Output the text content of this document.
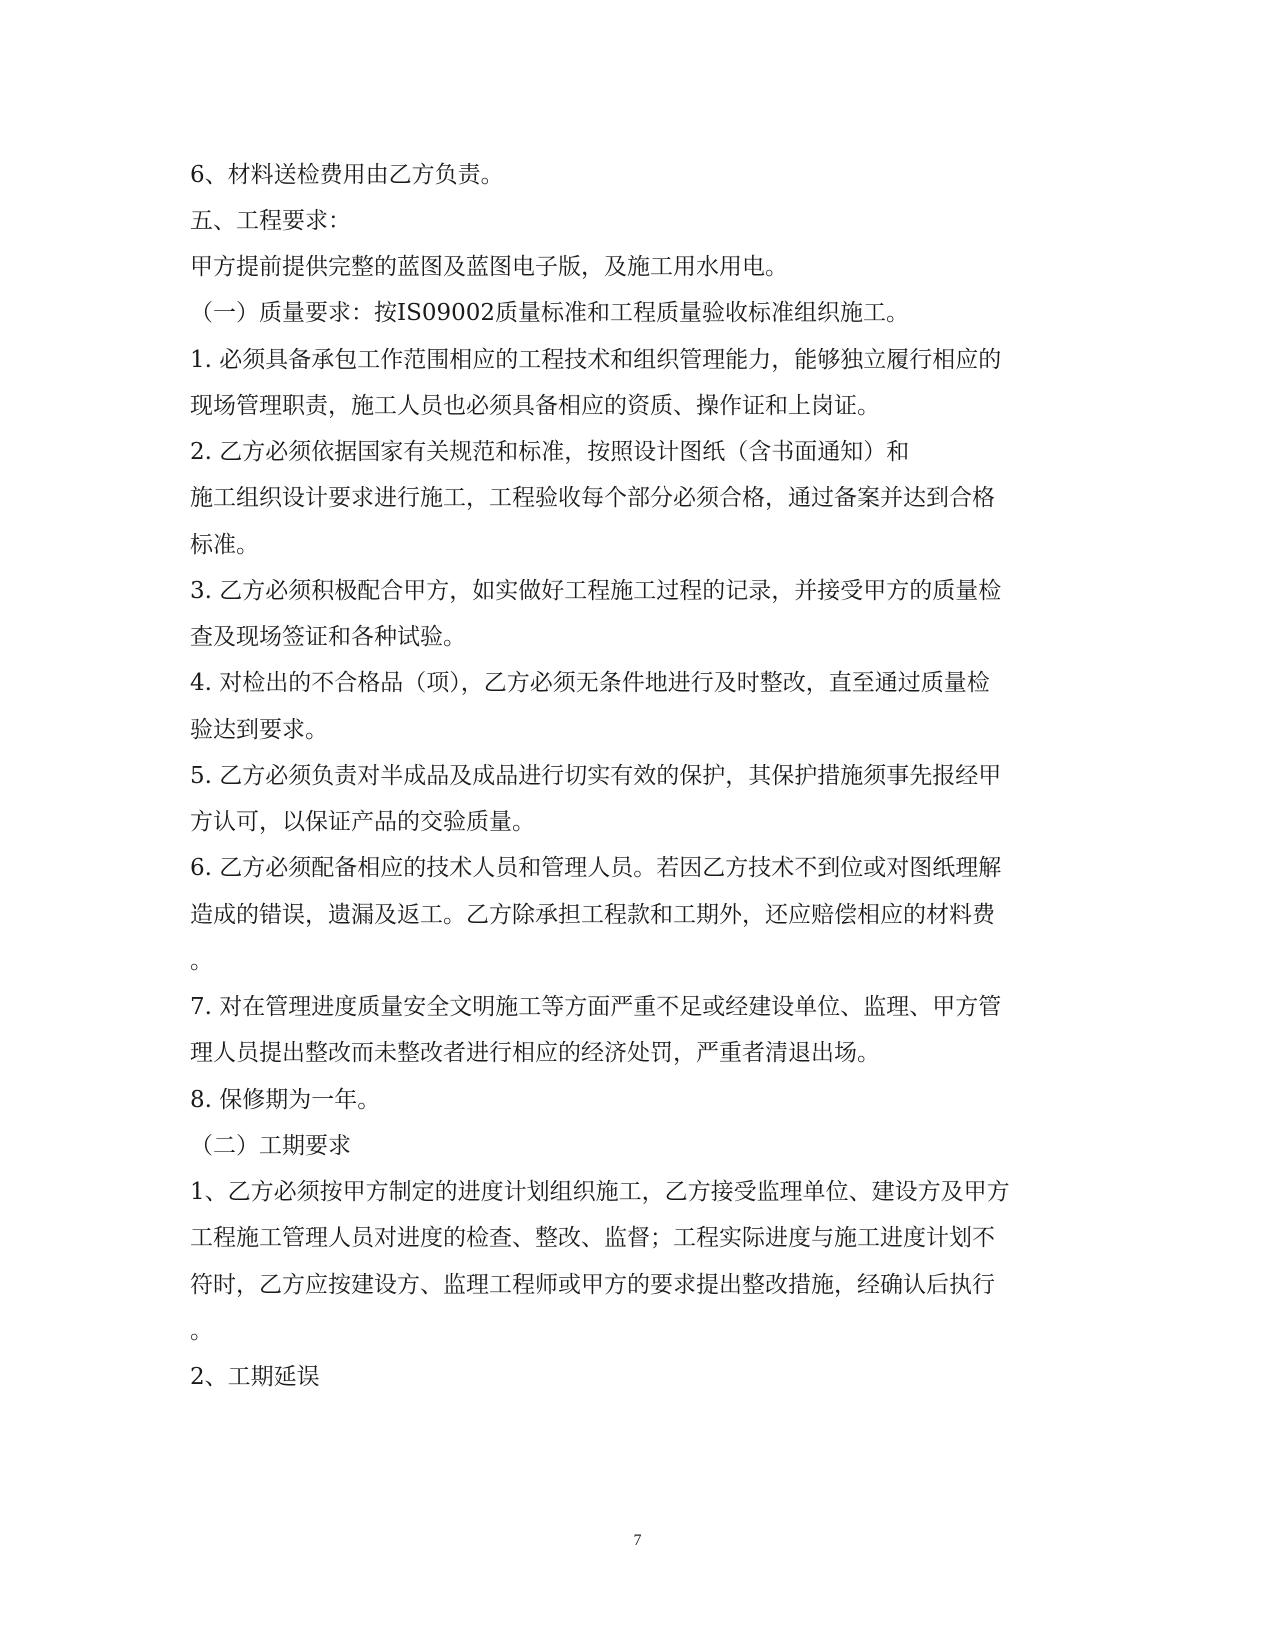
6、材料送检费用由乙方负责。
五、工程要求：
甲方提前提供完整的蓝图及蓝图电子版，及施工用水用电。
（一）质量要求：按IS09002质量标准和工程质量验收标准组织施工。
1. 必须具备承包工作范围相应的工程技术和组织管理能力，能够独立履行相应的
现场管理职责，施工人员也必须具备相应的资质、操作证和上岗证。
2. 乙方必须依据国家有关规范和标准，按照设计图纸（含书面通知）和
施工组织设计要求进行施工，工程验收每个部分必须合格，通过备案并达到合格
标准。
3. 乙方必须积极配合甲方，如实做好工程施工过程的记录，并接受甲方的质量检
查及现场签证和各种试验。
4. 对检出的不合格品（项），乙方必须无条件地进行及时整改，直至通过质量检
验达到要求。
5. 乙方必须负责对半成品及成品进行切实有效的保护，其保护措施须事先报经甲
方认可，以保证产品的交验质量。
6. 乙方必须配备相应的技术人员和管理人员。若因乙方技术不到位或对图纸理解
造成的错误，遗漏及返工。乙方除承担工程款和工期外，还应赔偿相应的材料费
。
7. 对在管理进度质量安全文明施工等方面严重不足或经建设单位、监理、甲方管
理人员提出整改而未整改者进行相应的经济处罚，严重者清退出场。
8. 保修期为一年。
（二）工期要求
1、乙方必须按甲方制定的进度计划组织施工，乙方接受监理单位、建设方及甲方
工程施工管理人员对进度的检查、整改、监督；工程实际进度与施工进度计划不
符时，乙方应按建设方、监理工程师或甲方的要求提出整改措施，经确认后执行
。
2、工期延误
7
